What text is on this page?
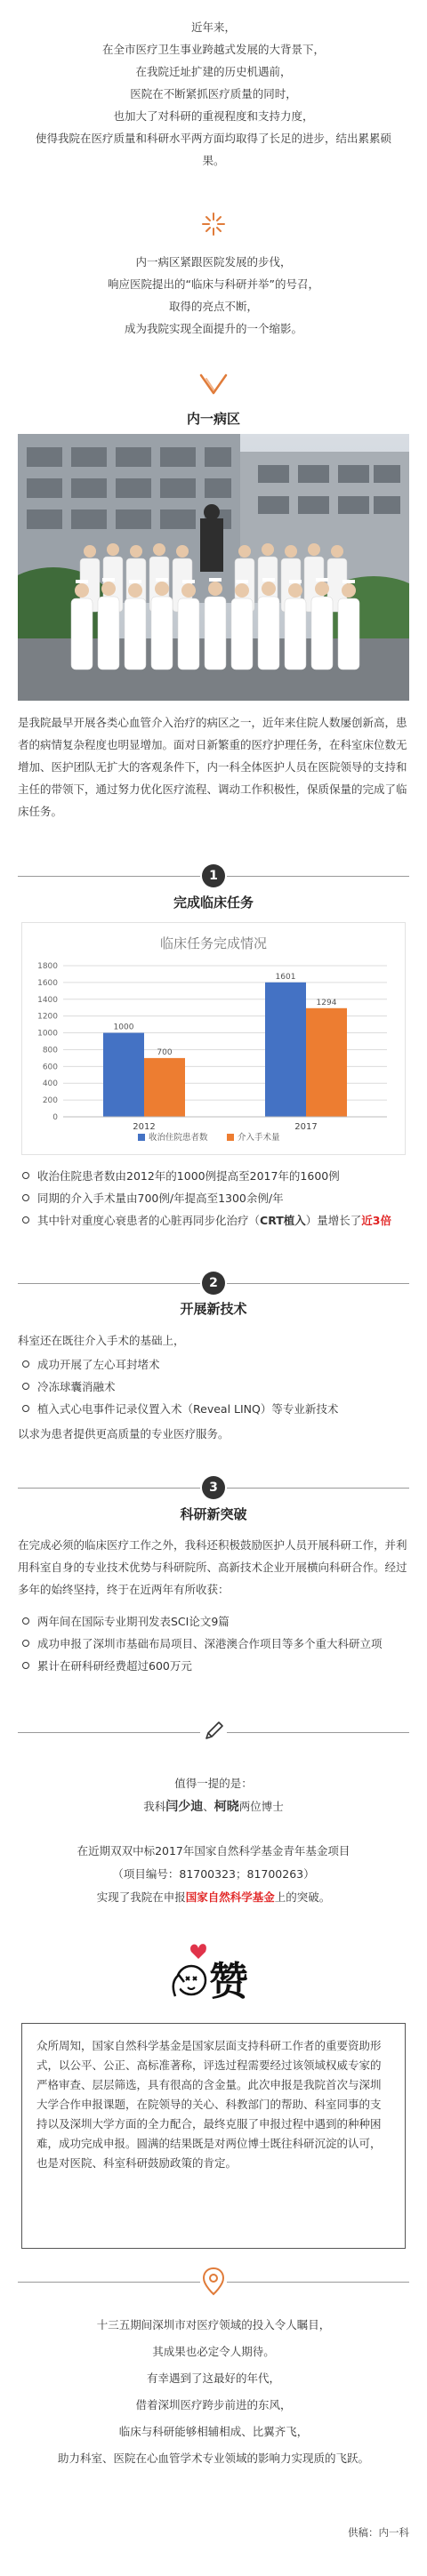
近年来，

在全市医疗卫生事业跨越式发展的大背景下，

在我院迁址扩建的历史机遇前，

医院在不断紧抓医疗质量的同时，

也加大了对科研的重视程度和支持力度，

使得我院在医疗质量和科研水平两方面均取得了长足的进步，结出累累硕果。

内一病区紧跟医院发展的步伐，

响应医院提出的“临床与科研并举”的号召，

取得的亮点不断，

成为我院实现全面提升的一个缩影。

内一病区

是我院最早开展各类心血管介入治疗的病区之一，近年来住院人数屡创新高，患者的病情复杂程度也明显增加。面对日新繁重的医疗护理任务，在科室床位数无增加、医护团队无扩大的客观条件下，内一科全体医护人员在医院领导的支持和主任的带领下，通过努力优化医疗流程、调动工作积极性，保质保量的完成了临床任务。

1
完成临床任务
临床任务完成情况
0
200
400
600
800
1000
1200
1400
1600
1800
1000
700
2012
1601
1294
2017
收治住院患者数	介入手术量
收治住院患者数由2012年的1000例提高至2017年的1600例
同期的介入手术量由700例/年提高至1300余例/年
其中针对重度心衰患者的心脏再同步化治疗（CRT植入）量增长了近3倍
2
开展新技术

科室还在既往介入手术的基础上，

成功开展了左心耳封堵术
冷冻球囊消融术
植入式心电事件记录仪置入术（Reveal LINQ）等专业新技术

以求为患者提供更高质量的专业医疗服务。

3
科研新突破

在完成必须的临床医疗工作之外，我科还积极鼓励医护人员开展科研工作，并利用科室自身的专业技术优势与科研院所、高新技术企业开展横向科研合作。经过多年的始终坚持，终于在近两年有所收获：

两年间在国际专业期刊发表SCI论文9篇
成功申报了深圳市基础布局项目、深港澳合作项目等多个重大科研立项
累计在研科研经费超过600万元
值得一提的是：
我科闫少迪、柯晓两位博士
在近期双双中标2017年国家自然科学基金青年基金项目
（项目编号：81700323；81700263）
实现了我院在申报国家自然科学基金上的突破。
赞

众所周知，国家自然科学基金是国家层面支持科研工作者的重要资助形式，以公平、公正、高标准著称，评选过程需要经过该领域权威专家的严格审查、层层筛选，具有很高的含金量。此次申报是我院首次与深圳大学合作申报课题，在院领导的关心、科教部门的帮助、科室同事的支持以及深圳大学方面的全力配合，最终克服了申报过程中遇到的种种困难，成功完成申报。圆满的结果既是对两位博士既往科研沉淀的认可，也是对医院、科室科研鼓励政策的肯定。

十三五期间深圳市对医疗领域的投入令人瞩目，

其成果也必定令人期待。

有幸遇到了这最好的年代，

借着深圳医疗跨步前进的东风，

临床与科研能够相辅相成、比翼齐飞，

助力科室、医院在心血管学术专业领域的影响力实现质的飞跃。

供稿：内一科
